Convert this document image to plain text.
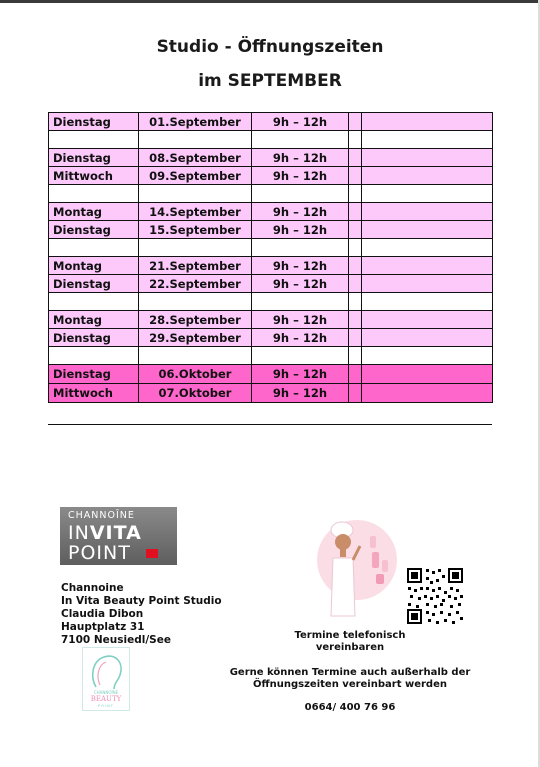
Studio - Öffnungszeiten
im SEPTEMBER
Dienstag	01.September	9h – 12h		

Dienstag	08.September	9h – 12h		
Mittwoch	09.September	9h – 12h		

Montag	14.September	9h – 12h		
Dienstag	15.September	9h – 12h		

Montag	21.September	9h – 12h		
Dienstag	22.September	9h – 12h		

Montag	28.September	9h – 12h		
Dienstag	29.September	9h – 12h		

Dienstag	06.Oktober	9h – 12h		
Mittwoch	07.Oktober	9h – 12h		
CHANNOÎNE
INVITA
POINT
Channoine
In Vita Beauty Point Studio
Claudia Dibon
Hauptplatz 31
7100 Neusiedl/See
CHANNOÎNE
BEAUTY
POINT
Termine telefonisch vereinbaren
Gerne können Termine auch außerhalb der Öffnungszeiten vereinbart werden
0664/ 400 76 96
